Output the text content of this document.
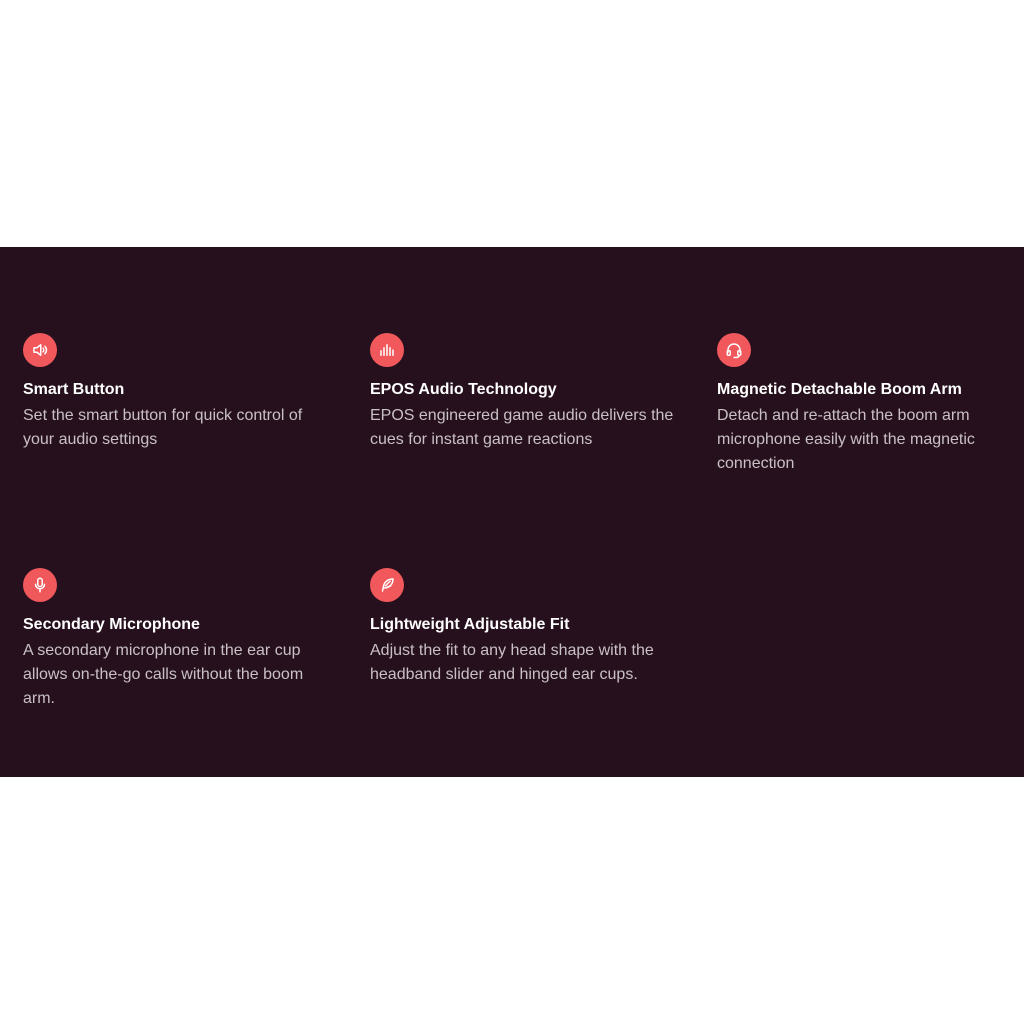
Smart Button
Set the smart button for quick control of your audio settings
EPOS Audio Technology
EPOS engineered game audio delivers the cues for instant game reactions
Magnetic Detachable Boom Arm
Detach and re-attach the boom arm microphone easily with the magnetic connection
Secondary Microphone
A secondary microphone in the ear cup allows on-the-go calls without the boom arm.
Lightweight Adjustable Fit
Adjust the fit to any head shape with the headband slider and hinged ear cups.
